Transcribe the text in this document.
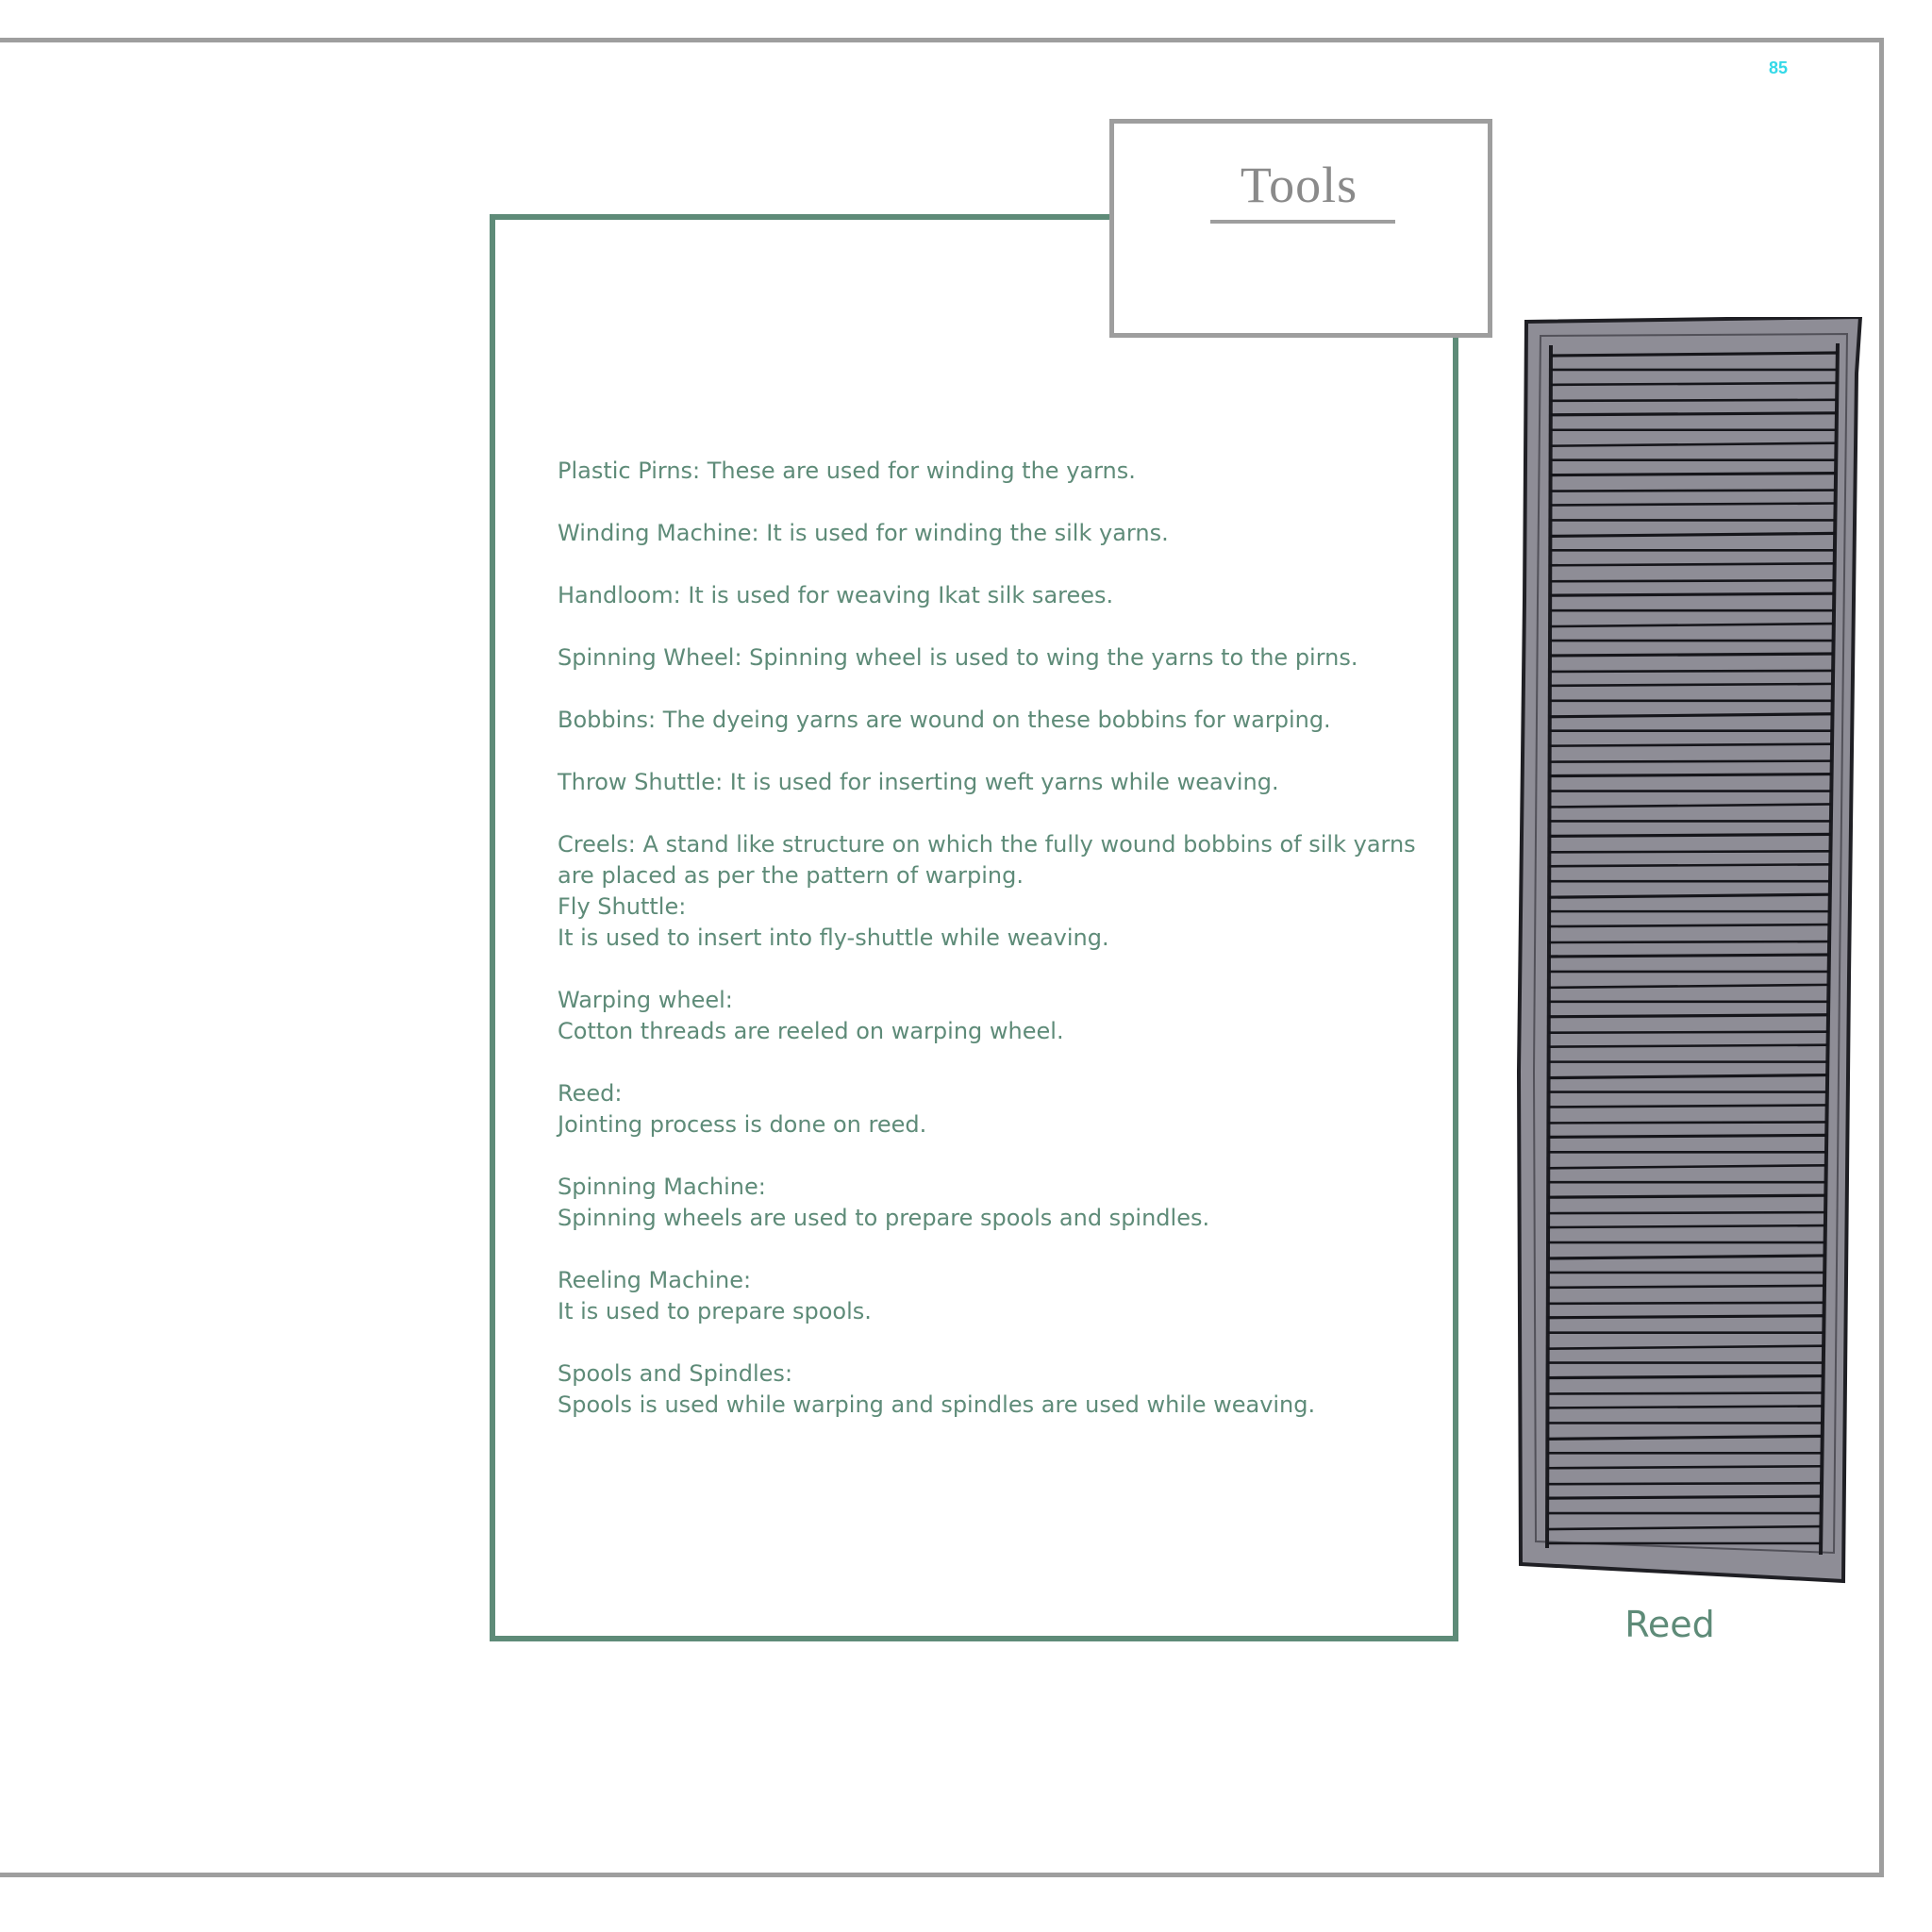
85
Tools
Plastic Pirns: These are used for winding the yarns.
Winding Machine: It is used for winding the silk yarns.
Handloom: It is used for weaving Ikat silk sarees.
Spinning Wheel: Spinning wheel is used to wing the yarns to the pirns.
Bobbins: The dyeing yarns are wound on these bobbins for warping.
Throw Shuttle: It is used for inserting weft yarns while weaving.
Creels: A stand like structure on which the fully wound bobbins of silk yarns
are placed as per the pattern of warping.
Fly Shuttle:
It is used to insert into fly-shuttle while weaving.
Warping wheel:
Cotton threads are reeled on warping wheel.
Reed:
Jointing process is done on reed.
Spinning Machine:
Spinning wheels are used to prepare spools and spindles.
Reeling Machine:
It is used to prepare spools.
Spools and Spindles:
Spools is used while warping and spindles are used while weaving.
Reed
